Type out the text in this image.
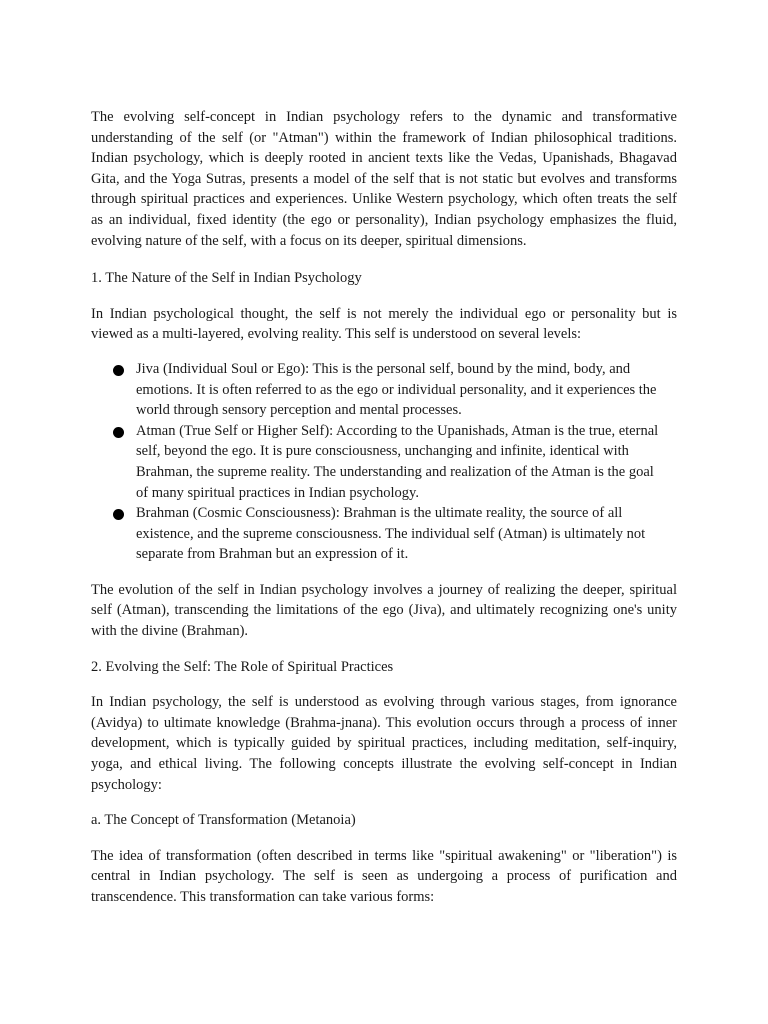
The evolving self-concept in Indian psychology refers to the dynamic and transformative understanding of the self (or "Atman") within the framework of Indian philosophical traditions. Indian psychology, which is deeply rooted in ancient texts like the Vedas, Upanishads, Bhagavad Gita, and the Yoga Sutras, presents a model of the self that is not static but evolves and transforms through spiritual practices and experiences. Unlike Western psychology, which often treats the self as an individual, fixed identity (the ego or personality), Indian psychology emphasizes the fluid, evolving nature of the self, with a focus on its deeper, spiritual dimensions.

1. The Nature of the Self in Indian Psychology

In Indian psychological thought, the self is not merely the individual ego or personality but is viewed as a multi-layered, evolving reality. This self is understood on several levels:

Jiva (Individual Soul or Ego): This is the personal self, bound by the mind, body, and emotions. It is often referred to as the ego or individual personality, and it experiences the world through sensory perception and mental processes.
Atman (True Self or Higher Self): According to the Upanishads, Atman is the true, eternal self, beyond the ego. It is pure consciousness, unchanging and infinite, identical with Brahman, the supreme reality. The understanding and realization of the Atman is the goal of many spiritual practices in Indian psychology.
Brahman (Cosmic Consciousness): Brahman is the ultimate reality, the source of all existence, and the supreme consciousness. The individual self (Atman) is ultimately not separate from Brahman but an expression of it.

The evolution of the self in Indian psychology involves a journey of realizing the deeper, spiritual self (Atman), transcending the limitations of the ego (Jiva), and ultimately recognizing one's unity with the divine (Brahman).

2. Evolving the Self: The Role of Spiritual Practices

In Indian psychology, the self is understood as evolving through various stages, from ignorance (Avidya) to ultimate knowledge (Brahma-jnana). This evolution occurs through a process of inner development, which is typically guided by spiritual practices, including meditation, self-inquiry, yoga, and ethical living. The following concepts illustrate the evolving self-concept in Indian psychology:

a. The Concept of Transformation (Metanoia)

The idea of transformation (often described in terms like "spiritual awakening" or "liberation") is central in Indian psychology. The self is seen as undergoing a process of purification and transcendence. This transformation can take various forms:
